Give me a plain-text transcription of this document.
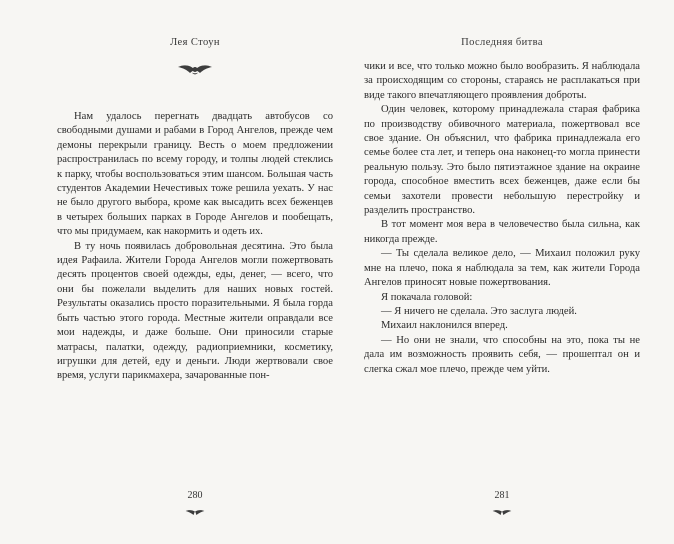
Лея Стоун

Нам удалось перегнать двадцать автобусов со свободными душами и рабами в Город Ангелов, прежде чем демоны перекрыли границу. Весть о моем предложении распространилась по всему городу, и толпы людей стеклись к парку, чтобы воспользоваться этим шансом. Большая часть студентов Академии Нечестивых тоже решила уехать. У нас не было другого выбора, кроме как высадить всех беженцев в четырех больших парках в Городе Ангелов и пообещать, что мы придумаем, как накормить и одеть их.

В ту ночь появилась добровольная десятина. Это была идея Рафаила. Жители Города Ангелов могли пожертвовать десять процентов своей одежды, еды, денег, — всего, что они бы пожелали выделить для наших новых гостей. Результаты оказались просто поразительными. Я была горда быть частью этого города. Местные жители оправдали все мои надежды, и даже больше. Они приносили старые матрасы, палатки, одежду, радиоприемники, косметику, игрушки для детей, еду и деньги. Люди жертвовали свое время, услуги парикмахера, зачарованные пон-

280
Последняя битва

чики и все, что только можно было вообразить. Я наблюдала за происходящим со стороны, стараясь не расплакаться при виде такого впечатляющего проявления доброты.

Один человек, которому принадлежала старая фабрика по производству обивочного материала, пожертвовал все свое здание. Он объяснил, что фабрика принадлежала его семье более ста лет, и теперь она наконец-то могла принести реальную пользу. Это было пятиэтажное здание на окраине города, способное вместить всех беженцев, даже если бы семьи захотели провести небольшую перестройку и разделить пространство.

В тот момент моя вера в человечество была сильна, как никогда прежде.

— Ты сделала великое дело, — Михаил положил руку мне на плечо, пока я наблюдала за тем, как жители Города Ангелов приносят новые пожертвования.

Я покачала головой:

— Я ничего не сделала. Это заслуга людей.

Михаил наклонился вперед.

— Но они не знали, что способны на это, пока ты не дала им возможность проявить себя, — прошептал он и слегка сжал мое плечо, прежде чем уйти.

281
